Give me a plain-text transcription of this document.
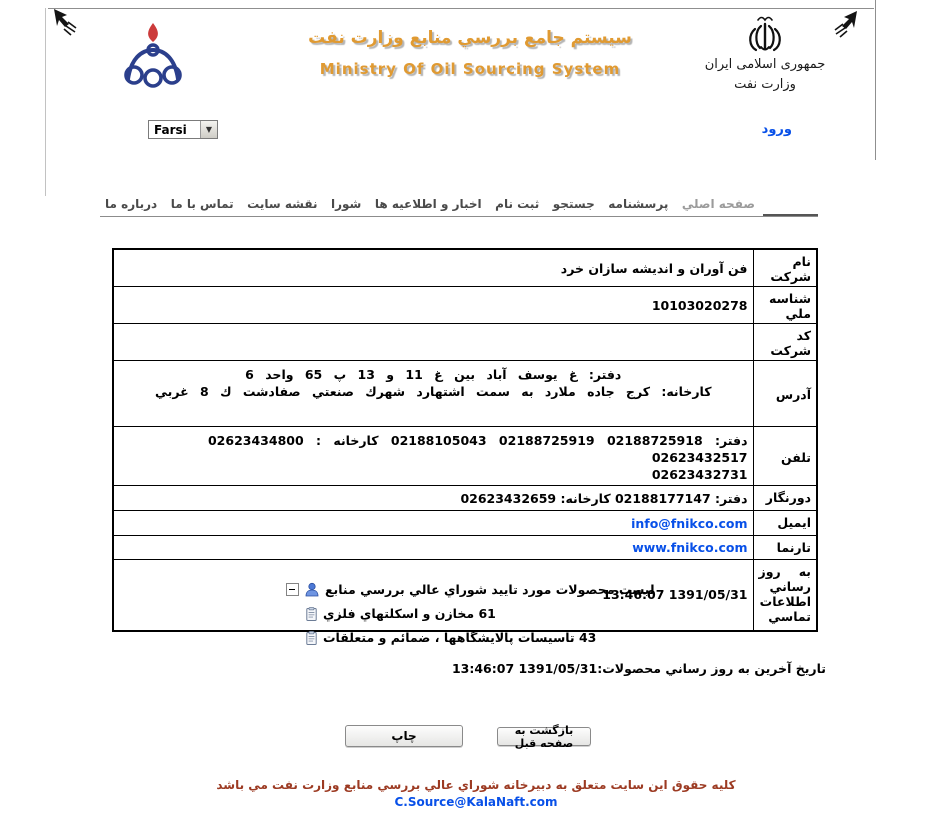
سيستم جامع بررسي منابع وزارت نفت
Ministry Of Oil Sourcing System	جمهوری اسلامی ایران
وزارت نفت
Farsi	▼	ورود
صفحه اصلي
پرسشنامه
جستجو
ثبت نام
اخبار و اطلاعيه ها
شورا
نقشه سايت
تماس با ما
درباره ما
نام شركت	فن آوران و انديشه سازان خرد
شناسه ملي	10103020278
كد شركت	
آدرس	دفتر: غ يوسف آباد بين غ 11 و 13 پ 65 واحد 6
كارخانه: كرج جاده ملارد به سمت اشتهارد شهرك صنعتي صفادشت ك 8 غربي

تلفن	دفتر: 02188725918 02188725919 02188105043 كارخانه : 02623434800 02623432517
02623432731

دورنگار	دفتر: 02188177147 كارخانه: 02623432659
ايميل	info@fnikco.com
تارنما	www.fnikco.com
به روز رساني اطلاعات تماسي	13:46:07 1391/05/31
ليست محصولات مورد تاييد شوراي عالي بررسي منابع
61 مخازن و اسكلتهاي فلزي
43 تاسيسات پالايشگاهها ، ضمائم و متعلقات
تاريخ آخرين به روز رساني محصولات:
13:46:07 1391/05/31
بازگشت به صفحه قبل
چاپ
كليه حقوق اين سايت متعلق به دبيرخانه شوراي عالي بررسي منابع وزارت نفت مي باشد
C.Source@KalaNaft.com
